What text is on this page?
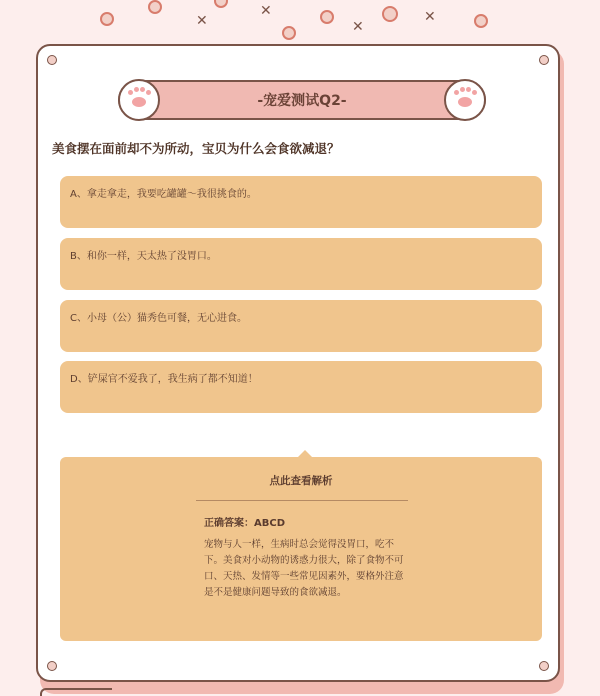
✕
✕
✕
✕
-宠爱测试Q2-
美食摆在面前却不为所动，宝贝为什么会食欲减退？
A、拿走拿走，我要吃罐罐～我很挑食的。
B、和你一样，天太热了没胃口。
C、小母（公）猫秀色可餐，无心进食。
D、铲屎官不爱我了，我生病了都不知道！
点此查看解析
正确答案：ABCD
宠物与人一样，生病时总会觉得没胃口，吃不下。美食对小动物的诱惑力很大，除了食物不可口、天热、发情等一些常见因素外，要格外注意是不是健康问题导致的食欲减退。
